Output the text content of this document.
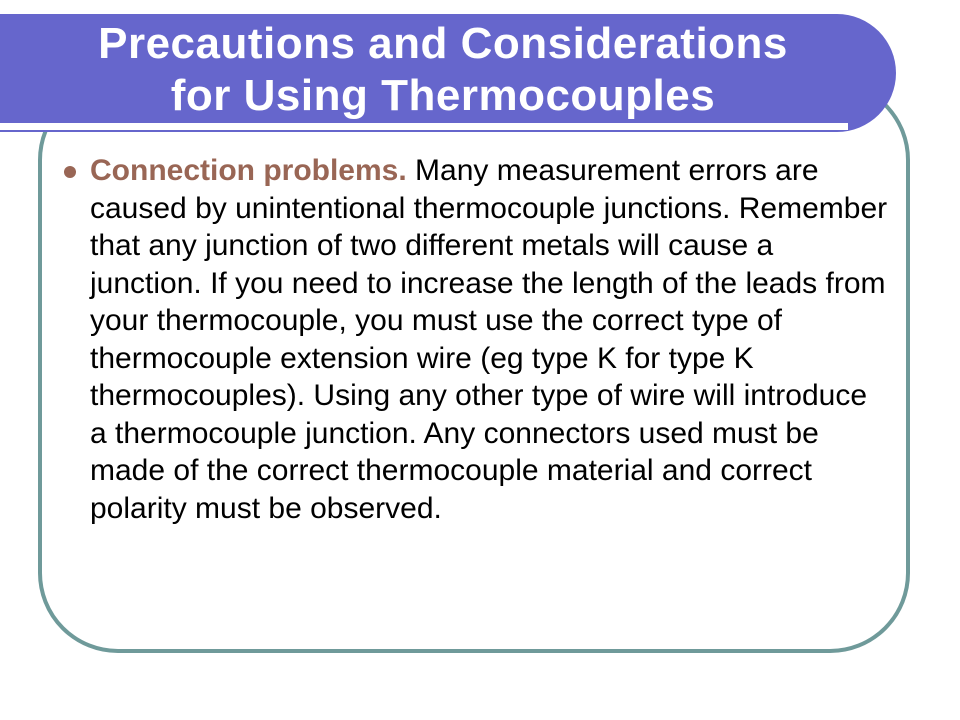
Precautions and Considerations
for Using Thermocouples

Connection problems. Many measurement errors are caused by unintentional thermocouple junctions. Remember that any junction of two different metals will cause a junction. If you need to increase the length of the leads from your thermocouple, you must use the correct type of thermocouple extension wire (eg type K for type K thermocouples). Using any other type of wire will introduce a thermocouple junction. Any connectors used must be made of the correct thermocouple material and correct polarity must be observed.
